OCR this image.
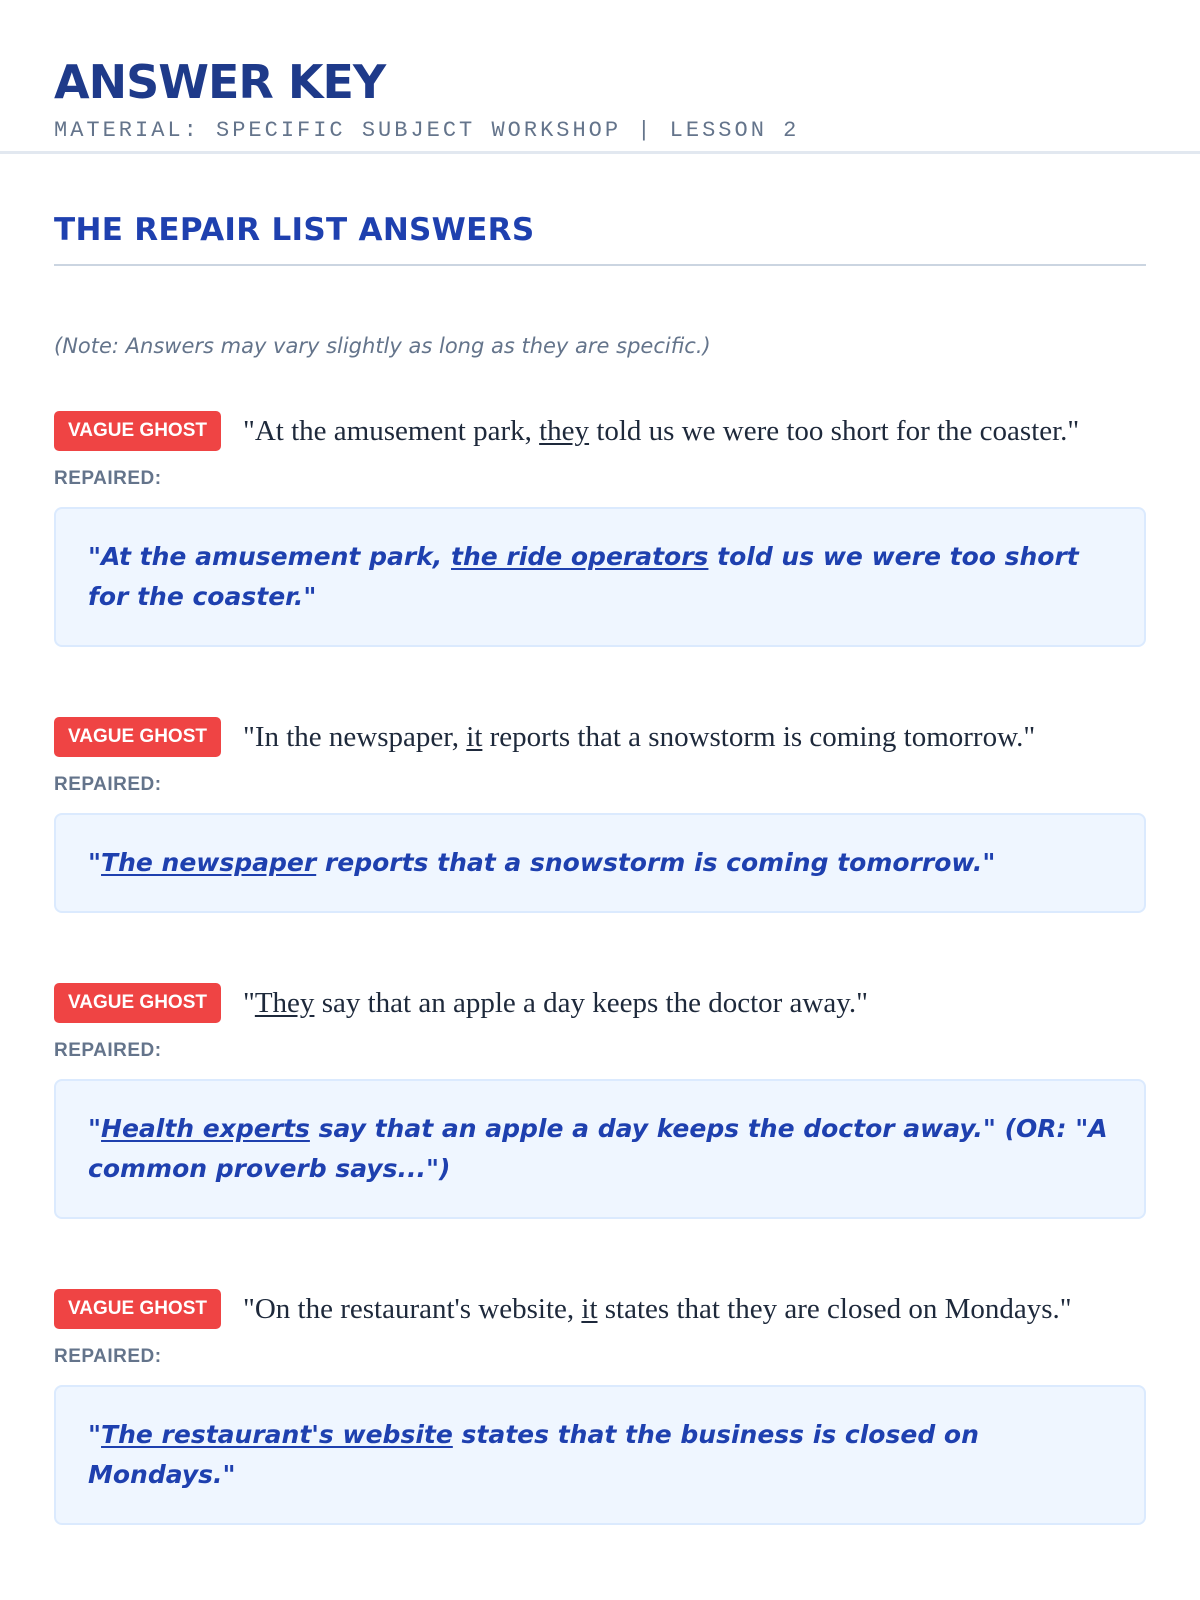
ANSWER KEY
MATERIAL: SPECIFIC SUBJECT WORKSHOP | LESSON 2
THE REPAIR LIST ANSWERS
(Note: Answers may vary slightly as long as they are specific.)
VAGUE GHOST	"At the amusement park, they told us we were too short for the coaster."
REPAIRED:
"At the amusement park, the ride operators told us we were too short for the coaster."
VAGUE GHOST	"In the newspaper, it reports that a snowstorm is coming tomorrow."
REPAIRED:
"The newspaper reports that a snowstorm is coming tomorrow."
VAGUE GHOST	"They say that an apple a day keeps the doctor away."
REPAIRED:
"Health experts say that an apple a day keeps the doctor away." (OR: "A common proverb says...")
VAGUE GHOST	"On the restaurant's website, it states that they are closed on Mondays."
REPAIRED:
"The restaurant's website states that the business is closed on Mondays."
